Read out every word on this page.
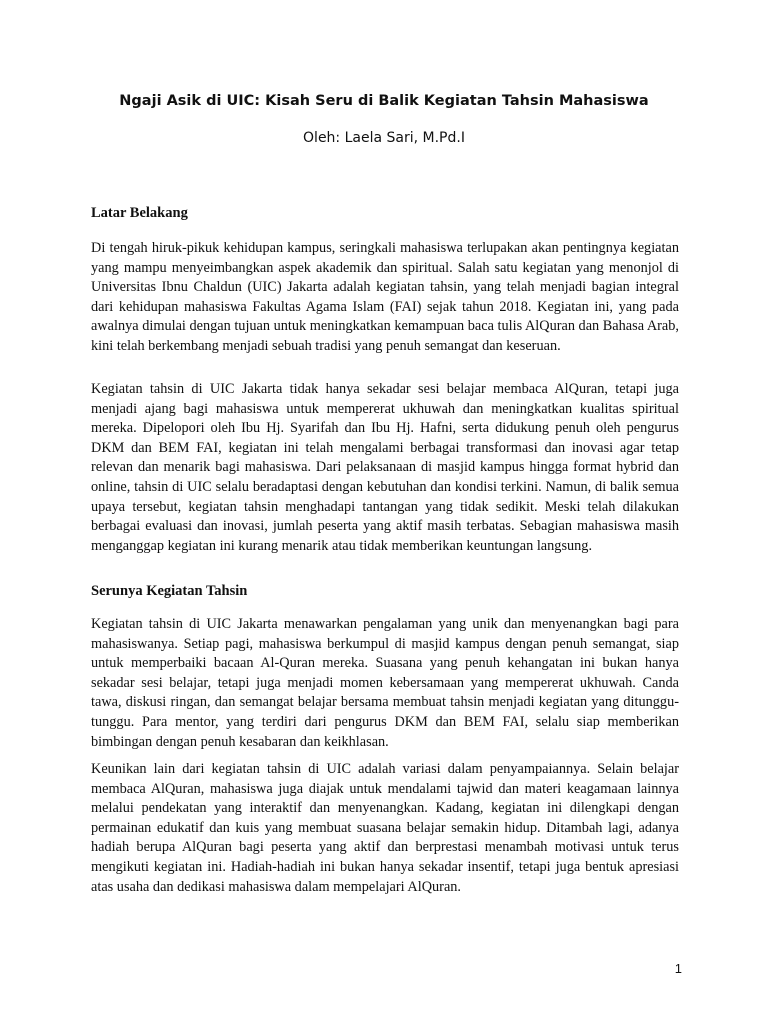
Ngaji Asik di UIC: Kisah Seru di Balik Kegiatan Tahsin Mahasiswa
Oleh: Laela Sari, M.Pd.I
Latar Belakang

Di tengah hiruk-pikuk kehidupan kampus, seringkali mahasiswa terlupakan akan pentingnya kegiatan yang mampu menyeimbangkan aspek akademik dan spiritual. Salah satu kegiatan yang menonjol di Universitas Ibnu Chaldun (UIC) Jakarta adalah kegiatan tahsin, yang telah menjadi bagian integral dari kehidupan mahasiswa Fakultas Agama Islam (FAI) sejak tahun 2018. Kegiatan ini, yang pada awalnya dimulai dengan tujuan untuk meningkatkan kemampuan baca tulis AlQuran dan Bahasa Arab, kini telah berkembang menjadi sebuah tradisi yang penuh semangat dan keseruan.

Kegiatan tahsin di UIC Jakarta tidak hanya sekadar sesi belajar membaca AlQuran, tetapi juga menjadi ajang bagi mahasiswa untuk mempererat ukhuwah dan meningkatkan kualitas spiritual mereka. Dipelopori oleh Ibu Hj. Syarifah dan Ibu Hj. Hafni, serta didukung penuh oleh pengurus DKM dan BEM FAI, kegiatan ini telah mengalami berbagai transformasi dan inovasi agar tetap relevan dan menarik bagi mahasiswa. Dari pelaksanaan di masjid kampus hingga format hybrid dan online, tahsin di UIC selalu beradaptasi dengan kebutuhan dan kondisi terkini. Namun, di balik semua upaya tersebut, kegiatan tahsin menghadapi tantangan yang tidak sedikit. Meski telah dilakukan berbagai evaluasi dan inovasi, jumlah peserta yang aktif masih terbatas. Sebagian mahasiswa masih menganggap kegiatan ini kurang menarik atau tidak memberikan keuntungan langsung.

Serunya Kegiatan Tahsin

Kegiatan tahsin di UIC Jakarta menawarkan pengalaman yang unik dan menyenangkan bagi para mahasiswanya. Setiap pagi, mahasiswa berkumpul di masjid kampus dengan penuh semangat, siap untuk memperbaiki bacaan Al-Quran mereka. Suasana yang penuh kehangatan ini bukan hanya sekadar sesi belajar, tetapi juga menjadi momen kebersamaan yang mempererat ukhuwah. Canda tawa, diskusi ringan, dan semangat belajar bersama membuat tahsin menjadi kegiatan yang ditunggu-tunggu. Para mentor, yang terdiri dari pengurus DKM dan BEM FAI, selalu siap memberikan bimbingan dengan penuh kesabaran dan keikhlasan.

Keunikan lain dari kegiatan tahsin di UIC adalah variasi dalam penyampaiannya. Selain belajar membaca AlQuran, mahasiswa juga diajak untuk mendalami tajwid dan materi keagamaan lainnya melalui pendekatan yang interaktif dan menyenangkan. Kadang, kegiatan ini dilengkapi dengan permainan edukatif dan kuis yang membuat suasana belajar semakin hidup. Ditambah lagi, adanya hadiah berupa AlQuran bagi peserta yang aktif dan berprestasi menambah motivasi untuk terus mengikuti kegiatan ini. Hadiah-hadiah ini bukan hanya sekadar insentif, tetapi juga bentuk apresiasi atas usaha dan dedikasi mahasiswa dalam mempelajari AlQuran.

1
